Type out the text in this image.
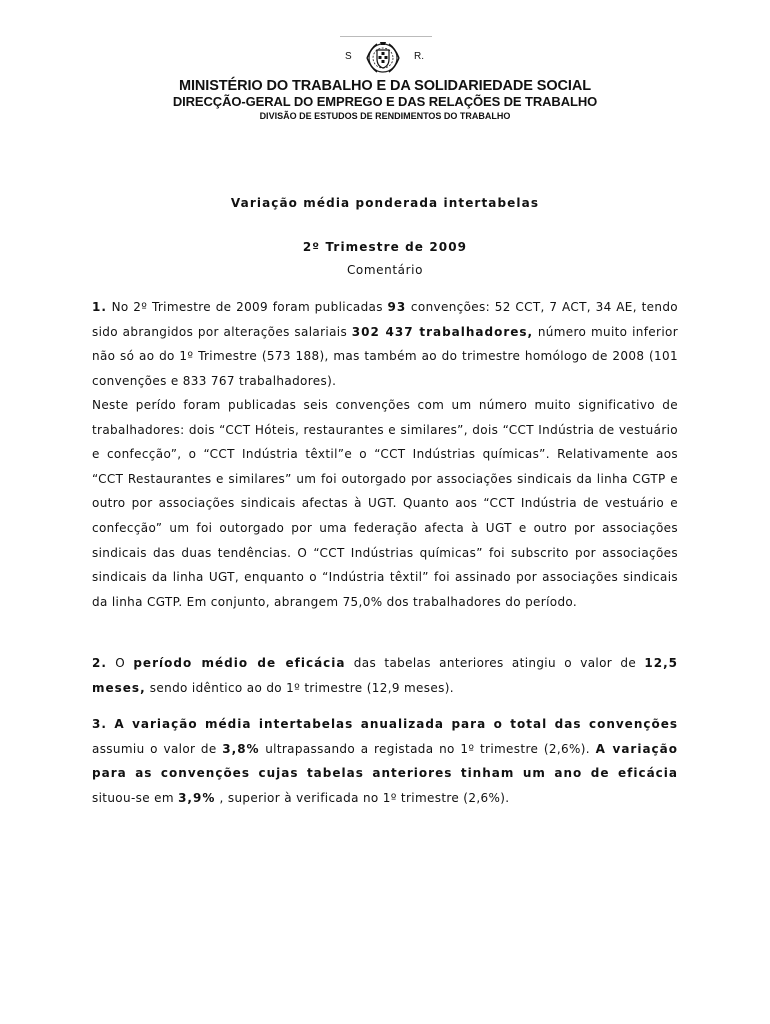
S	R.
MINISTÉRIO DO TRABALHO E DA SOLIDARIEDADE SOCIAL
DIRECÇÃO-GERAL DO EMPREGO E DAS RELAÇÕES DE TRABALHO
DIVISÃO DE ESTUDOS DE RENDIMENTOS DO TRABALHO

Variação média ponderada intertabelas

2º Trimestre de 2009

Comentário

1. No 2º Trimestre de 2009 foram publicadas 93 convenções: 52 CCT, 7 ACT, 34 AE, tendo sido abrangidos por alterações salariais 302 437 trabalhadores, número muito inferior não só ao do 1º Trimestre (573 188), mas também ao do trimestre homólogo de 2008 (101 convenções e 833 767 trabalhadores).

Neste perído foram publicadas seis convenções com um número muito significativo de trabalhadores: dois “CCT Hóteis, restaurantes e similares”, dois “CCT Indústria de vestuário e confecção”, o “CCT Indústria têxtil”e o “CCT Indústrias químicas”. Relativamente aos “CCT Restaurantes e similares” um foi outorgado por associações sindicais da linha CGTP e outro por associações sindicais afectas à UGT. Quanto aos “CCT Indústria de vestuário e confecção” um foi outorgado por uma federação afecta à UGT e outro por associações sindicais das duas tendências. O “CCT Indústrias químicas” foi subscrito por associações sindicais da linha UGT, enquanto o “Indústria têxtil” foi assinado por associações sindicais da linha CGTP. Em conjunto, abrangem 75,0% dos trabalhadores do período.

2. O período médio de eficácia das tabelas anteriores atingiu o valor de 12,5 meses, sendo idêntico ao do 1º trimestre (12,9 meses).

3. A variação média intertabelas anualizada para o total das convenções assumiu o valor de 3,8% ultrapassando a registada no 1º trimestre (2,6%). A variação para as convenções cujas tabelas anteriores tinham um ano de eficácia situou-se em 3,9% , superior à verificada no 1º trimestre (2,6%).
